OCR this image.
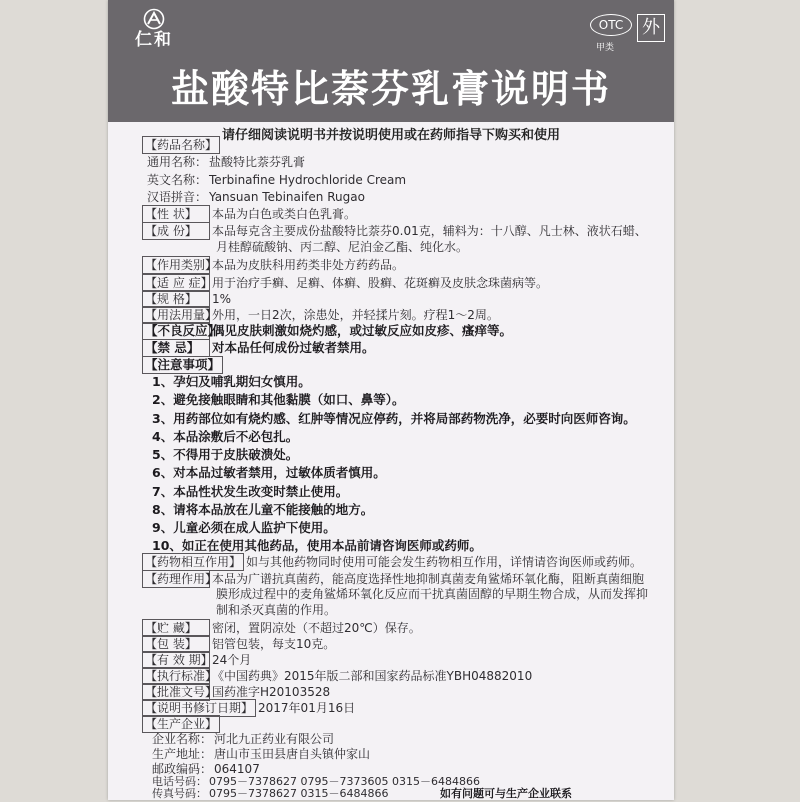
仁和
OTC
甲类
外
盐酸特比萘芬乳膏说明书
请仔细阅读说明书并按说明使用或在药师指导下购买和使用
【药品名称】
通用名称： 盐酸特比萘芬乳膏
英文名称： Terbinafine Hydrochloride Cream
汉语拼音： Yansuan Tebinaifen Rugao
【性 状】 本品为白色或类白色乳膏。
【成 份】 本品每克含主要成份盐酸特比萘芬0.01克，辅料为：十八醇、凡士林、液状石蜡、
月桂醇硫酸钠、丙二醇、尼泊金乙酯、纯化水。
【作用类别】本品为皮肤科用药类非处方药药品。
【适 应 症】用于治疗手癣、足癣、体癣、股癣、花斑癣及皮肤念珠菌病等。
【规 格】 1%
【用法用量】外用，一日2次，涂患处，并轻揉片刻。疗程1～2周。
【不良反应】偶见皮肤刺激如烧灼感，或过敏反应如皮疹、瘙痒等。
【禁 忌】 对本品任何成份过敏者禁用。
【注意事项】
1、孕妇及哺乳期妇女慎用。
2、避免接触眼睛和其他黏膜（如口、鼻等）。
3、用药部位如有烧灼感、红肿等情况应停药，并将局部药物洗净，必要时向医师咨询。
4、本品涂敷后不必包扎。
5、不得用于皮肤破溃处。
6、对本品过敏者禁用，过敏体质者慎用。
7、本品性状发生改变时禁止使用。
8、请将本品放在儿童不能接触的地方。
9、儿童必须在成人监护下使用。
10、如正在使用其他药品，使用本品前请咨询医师或药师。
【药物相互作用】 如与其他药物同时使用可能会发生药物相互作用，详情请咨询医师或药师。
【药理作用】本品为广谱抗真菌药，能高度选择性地抑制真菌麦角鲨烯环氧化酶，阻断真菌细胞
膜形成过程中的麦角鲨烯环氧化反应而干扰真菌固醇的早期生物合成，从而发挥抑
制和杀灭真菌的作用。
【贮 藏】 密闭，置阴凉处（不超过20℃）保存。
【包 装】 铝管包装，每支10克。
【有 效 期】24个月
【执行标准】《中国药典》2015年版二部和国家药品标准YBH04882010
【批准文号】国药准字H20103528
【说明书修订日期】 2017年01月16日
【生产企业】
企业名称： 河北九正药业有限公司
生产地址： 唐山市玉田县唐自头镇仲家山
邮政编码： 064107
电话号码： 0795－7378627 0795－7373605 0315－6484866
传真号码： 0795－7378627 0315－6484866	如有问题可与生产企业联系
